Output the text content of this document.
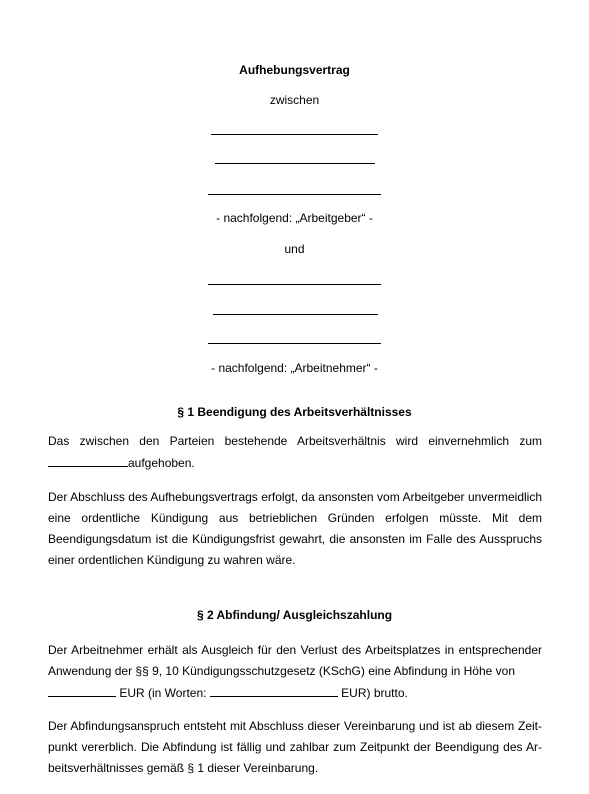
Aufhebungsvertrag
zwischen
- nachfolgend: „Arbeitgeber“ -
und
- nachfolgend: „Arbeitnehmer“ -
§ 1 Beendigung des Arbeitsverhältnisses
Das zwischen den Parteien bestehende Arbeitsverhältnis wird einvernehmlich zum
aufgehoben.
Der Abschluss des Aufhebungsvertrags erfolgt, da ansonsten vom Arbeitgeber unvermeidlich eine ordentliche Kündigung aus betrieblichen Gründen erfolgen müsste. Mit dem Beendigungsdatum ist die Kündigungsfrist gewahrt, die ansonsten im Falle des Ausspruchs einer ordentlichen Kündigung zu wahren wäre.
§ 2 Abfindung/ Ausgleichszahlung
Der Arbeitnehmer erhält als Ausgleich für den Verlust des Arbeitsplatzes in entsprechender Anwendung der §§ 9, 10 Kündigungsschutzgesetz (KSchG) eine Abfindung in Höhe von
EUR (in Worten:	EUR) brutto.
Der Abfindungsanspruch entsteht mit Abschluss dieser Vereinbarung und ist ab diesem Zeit-
punkt vererblich. Die Abfindung ist fällig und zahlbar zum Zeitpunkt der Beendigung des Ar-
beitsverhältnisses gemäß § 1 dieser Vereinbarung.
